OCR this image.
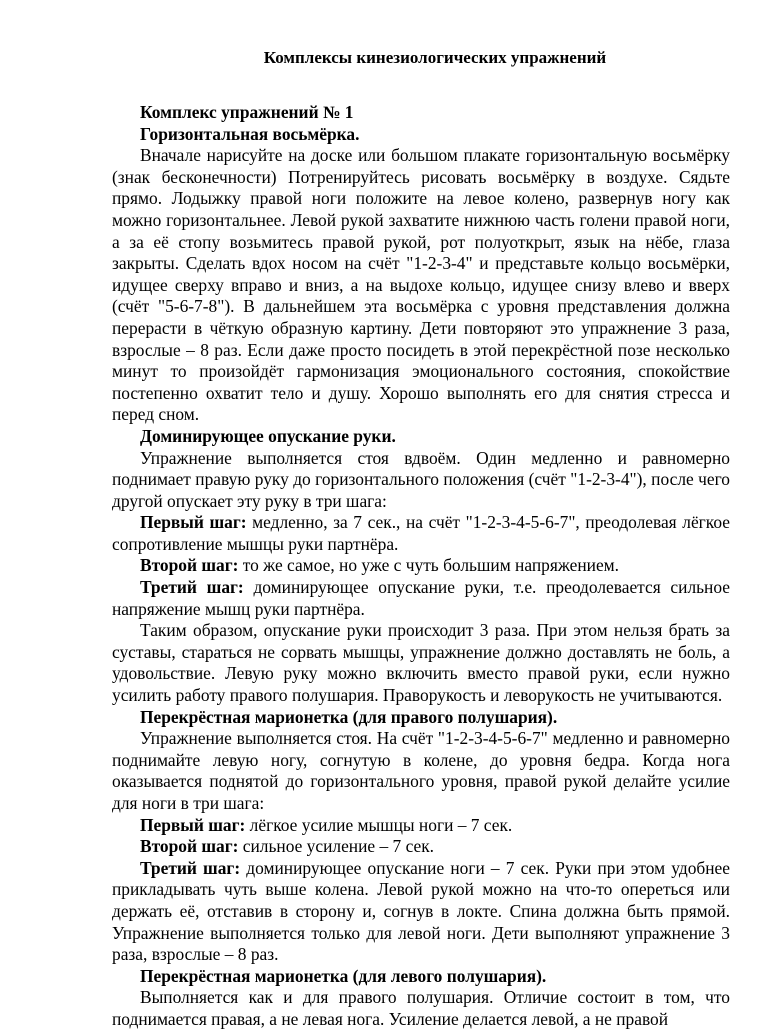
Комплексы кинезиологических упражнений

Комплекс упражнений № 1

Горизонтальная восьмёрка.

Вначале нарисуйте на доске или большом плакате горизонтальную восьмёрку (знак бесконечности) Потренируйтесь рисовать восьмёрку в воздухе. Сядьте прямо. Лодыжку правой ноги положите на левое колено, развернув ногу как можно горизонтальнее. Левой рукой захватите нижнюю часть голени правой ноги, а за её стопу возьмитесь правой рукой, рот полуоткрыт, язык на нёбе, глаза закрыты. Сделать вдох носом на счёт "1-2-3-4" и представьте кольцо восьмёрки, идущее сверху вправо и вниз, а на выдохе кольцо, идущее снизу влево и вверх (счёт "5-6-7-8"). В дальнейшем эта восьмёрка с уровня представления должна перерасти в чёткую образную картину. Дети повторяют это упражнение 3 раза, взрослые – 8 раз. Если даже просто посидеть в этой перекрёстной позе несколько минут то произойдёт гармонизация эмоционального состояния, спокойствие постепенно охватит тело и душу. Хорошо выполнять его для снятия стресса и перед сном.

Доминирующее опускание руки.

Упражнение выполняется стоя вдвоём. Один медленно и равномерно поднимает правую руку до горизонтального положения (счёт "1-2-3-4"), после чего другой опускает эту руку в три шага:

Первый шаг: медленно, за 7 сек., на счёт "1-2-3-4-5-6-7", преодолевая лёгкое сопротивление мышцы руки партнёра.

Второй шаг: то же самое, но уже с чуть большим напряжением.

Третий шаг: доминирующее опускание руки, т.е. преодолевается сильное напряжение мышц руки партнёра.

Таким образом, опускание руки происходит 3 раза. При этом нельзя брать за суставы, стараться не сорвать мышцы, упражнение должно доставлять не боль, а удовольствие. Левую руку можно включить вместо правой руки, если нужно усилить работу правого полушария. Праворукость и леворукость не учитываются.

Перекрёстная марионетка (для правого полушария).

Упражнение выполняется стоя. На счёт "1-2-3-4-5-6-7" медленно и равномерно поднимайте левую ногу, согнутую в колене, до уровня бедра. Когда нога оказывается поднятой до горизонтального уровня, правой рукой делайте усилие для ноги в три шага:

Первый шаг: лёгкое усилие мышцы ноги – 7 сек.

Второй шаг: сильное усиление – 7 сек.

Третий шаг: доминирующее опускание ноги – 7 сек. Руки при этом удобнее прикладывать чуть выше колена. Левой рукой можно на что-то опереться или держать её, отставив в сторону и, согнув в локте. Спина должна быть прямой. Упражнение выполняется только для левой ноги. Дети выполняют упражнение 3 раза, взрослые – 8 раз.

Перекрёстная марионетка (для левого полушария).

Выполняется как и для правого полушария. Отличие состоит в том, что поднимается правая, а не левая нога. Усиление делается левой, а не правой
